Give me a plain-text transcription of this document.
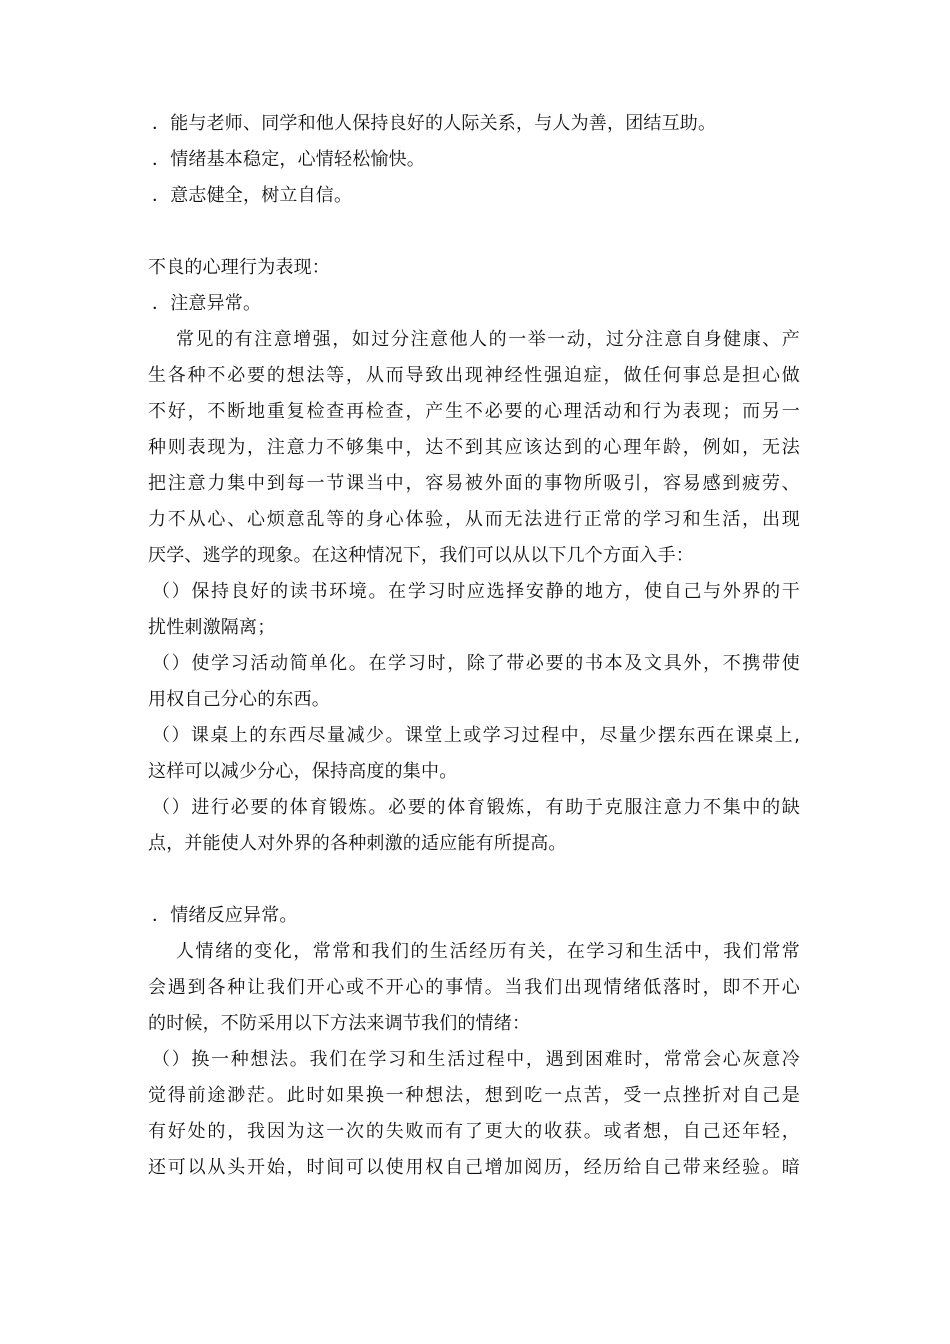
．能与老师、同学和他人保持良好的人际关系，与人为善，团结互助。
．情绪基本稳定，心情轻松愉快。
．意志健全，树立自信。
不良的心理行为表现：
．注意异常。
常见的有注意增强，如过分注意他人的一举一动，过分注意自身健康、产
生各种不必要的想法等，从而导致出现神经性强迫症，做任何事总是担心做
不好，不断地重复检查再检查，产生不必要的心理活动和行为表现；而另一
种则表现为，注意力不够集中，达不到其应该达到的心理年龄，例如，无法
把注意力集中到每一节课当中，容易被外面的事物所吸引，容易感到疲劳、
力不从心、心烦意乱等的身心体验，从而无法进行正常的学习和生活，出现
厌学、逃学的现象。在这种情况下，我们可以从以下几个方面入手：
（）保持良好的读书环境。在学习时应选择安静的地方，使自己与外界的干
扰性刺激隔离；
（）使学习活动简单化。在学习时，除了带必要的书本及文具外，不携带使
用权自己分心的东西。
（）课桌上的东西尽量减少。课堂上或学习过程中，尽量少摆东西在课桌上,
这样可以减少分心，保持高度的集中。
（）进行必要的体育锻炼。必要的体育锻炼，有助于克服注意力不集中的缺
点，并能使人对外界的各种刺激的适应能有所提高。
．情绪反应异常。
人情绪的变化，常常和我们的生活经历有关，在学习和生活中，我们常常
会遇到各种让我们开心或不开心的事情。当我们出现情绪低落时，即不开心
的时候，不防采用以下方法来调节我们的情绪：
（）换一种想法。我们在学习和生活过程中，遇到困难时，常常会心灰意冷
觉得前途渺茫。此时如果换一种想法，想到吃一点苦，受一点挫折对自己是
有好处的，我因为这一次的失败而有了更大的收获。或者想，自己还年轻，
还可以从头开始，时间可以使用权自己增加阅历，经历给自己带来经验。暗
